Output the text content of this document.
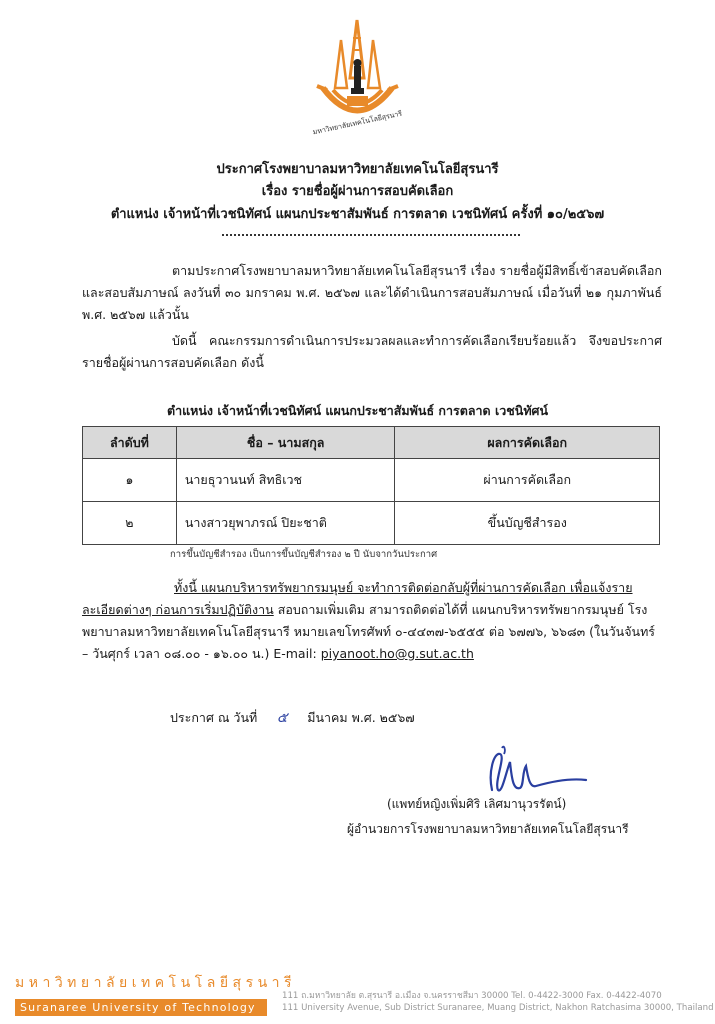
มหาวิทยาลัยเทคโนโลยีสุรนารี
ประกาศโรงพยาบาลมหาวิทยาลัยเทคโนโลยีสุรนารี
เรื่อง รายชื่อผู้ผ่านการสอบคัดเลือก
ตำแหน่ง เจ้าหน้าที่เวชนิทัศน์ แผนกประชาสัมพันธ์ การตลาด เวชนิทัศน์ ครั้งที่ ๑๐/๒๕๖๗

ตามประกาศโรงพยาบาลมหาวิทยาลัยเทคโนโลยีสุรนารี เรื่อง รายชื่อผู้มีสิทธิ์เข้าสอบคัดเลือกและสอบสัมภาษณ์ ลงวันที่ ๓๐ มกราคม พ.ศ. ๒๕๖๗ และได้ดำเนินการสอบสัมภาษณ์ เมื่อวันที่ ๒๑ กุมภาพันธ์ พ.ศ. ๒๕๖๗ แล้วนั้น

บัดนี้ คณะกรรมการดำเนินการประมวลผลและทำการคัดเลือกเรียบร้อยแล้ว จึงขอประกาศรายชื่อผู้ผ่านการสอบคัดเลือก ดังนี้

ตำแหน่ง เจ้าหน้าที่เวชนิทัศน์ แผนกประชาสัมพันธ์ การตลาด เวชนิทัศน์
ลำดับที่	ชื่อ – นามสกุล	ผลการคัดเลือก
๑	นายธุวานนท์ สิทธิเวช	ผ่านการคัดเลือก
๒	นางสาวยุพาภรณ์ ปิยะชาติ	ขึ้นบัญชีสำรอง
การขึ้นบัญชีสำรอง เป็นการขึ้นบัญชีสำรอง ๒ ปี นับจากวันประกาศ

ทั้งนี้ แผนกบริหารทรัพยากรมนุษย์ จะทำการติดต่อกลับผู้ที่ผ่านการคัดเลือก เพื่อแจ้งรายละเอียดต่างๆ ก่อนการเริ่มปฏิบัติงาน สอบถามเพิ่มเติม สามารถติดต่อได้ที่ แผนกบริหารทรัพยากรมนุษย์ โรงพยาบาลมหาวิทยาลัยเทคโนโลยีสุรนารี หมายเลขโทรศัพท์ ๐-๔๔๓๗-๖๕๕๕ ต่อ ๖๗๗๖, ๖๖๘๓ (ในวันจันทร์ – วันศุกร์ เวลา ๐๘.๐๐ - ๑๖.๐๐ น.) E-mail: piyanoot.ho@g.sut.ac.th

ประกาศ ณ วันที่ ๕ มีนาคม พ.ศ. ๒๕๖๗
(แพทย์หญิงเพิ่มศิริ เลิศมานุวรรัตน์)
ผู้อำนวยการโรงพยาบาลมหาวิทยาลัยเทคโนโลยีสุรนารี
มหาวิทยาลัยเทคโนโลยีสุรนารี
Suranaree University of Technology
111 ถ.มหาวิทยาลัย ต.สุรนารี อ.เมือง จ.นครราชสีมา 30000 Tel. 0-4422-3000 Fax. 0-4422-4070
111 University Avenue, Sub District Suranaree, Muang District, Nakhon Ratchasima 30000, Thailand
